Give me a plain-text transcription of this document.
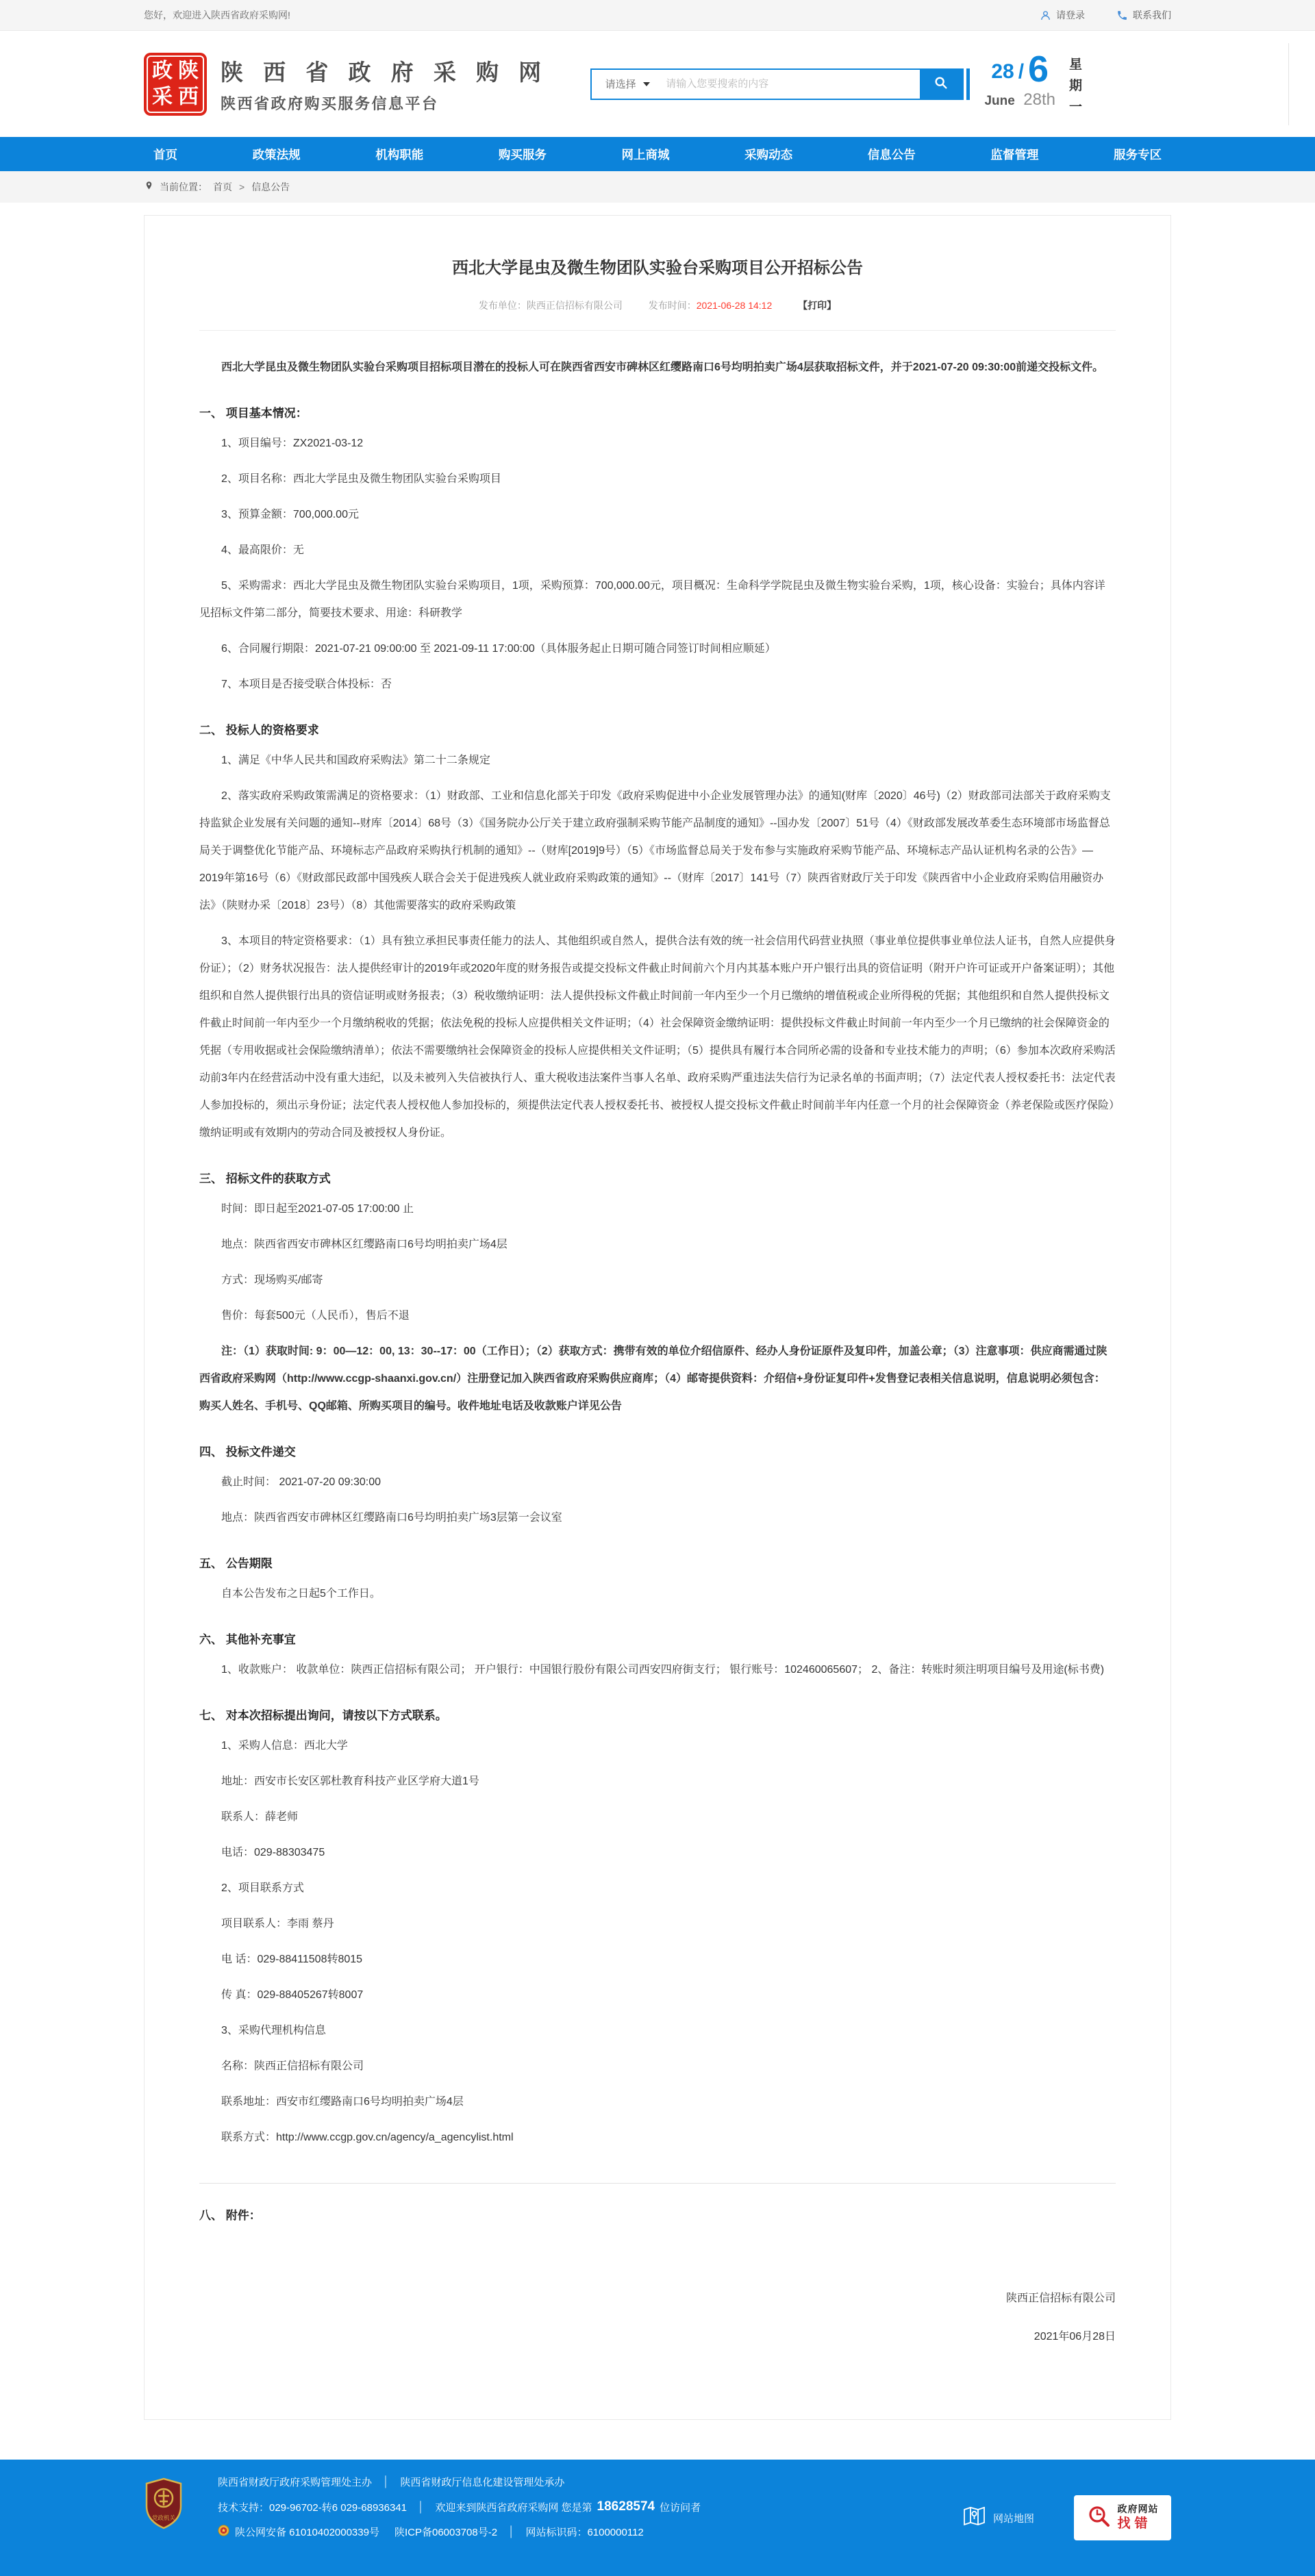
您好，欢迎进入陕西省政府采购网!	请登录	联系我们
政 陕
采 西
陕 西 省 政 府 采 购 网
陕西省政府购买服务信息平台
请选择
请输入您要搜索的内容
28 / 6
June 28th
星
期
一
首页	政策法规	机构职能	购买服务	网上商城	采购动态	信息公告	监督管理	服务专区
当前位置： 首页 > 信息公告
西北大学昆虫及微生物团队实验台采购项目公开招标公告
发布单位：陕西正信招标有限公司	发布时间：2021-06-28 14:12	【打印】
西北大学昆虫及微生物团队实验台采购项目招标项目潜在的投标人可在陕西省西安市碑林区红缨路南口6号均明拍卖广场4层获取招标文件，并于2021-07-20 09:30:00前递交投标文件。
一、 项目基本情况：
1、项目编号：ZX2021-03-12
2、项目名称：西北大学昆虫及微生物团队实验台采购项目
3、预算金额：700,000.00元
4、最高限价：无
5、采购需求：西北大学昆虫及微生物团队实验台采购项目，1项，采购预算：700,000.00元，项目概况：生命科学学院昆虫及微生物实验台采购，1项，核心设备：实验台；具体内容详见招标文件第二部分，简要技术要求、用途：科研教学
6、合同履行期限：2021-07-21 09:00:00 至 2021-09-11 17:00:00（具体服务起止日期可随合同签订时间相应顺延）
7、本项目是否接受联合体投标：否
二、 投标人的资格要求
1、满足《中华人民共和国政府采购法》第二十二条规定
2、落实政府采购政策需满足的资格要求：（1）财政部、工业和信息化部关于印发《政府采购促进中小企业发展管理办法》的通知(财库〔2020〕46号)（2）财政部司法部关于政府采购支持监狱企业发展有关问题的通知--财库〔2014〕68号（3）《国务院办公厅关于建立政府强制采购节能产品制度的通知》--国办发〔2007〕51号（4）《财政部发展改革委生态环境部市场监督总局关于调整优化节能产品、环境标志产品政府采购执行机制的通知》--（财库[2019]9号）（5）《市场监督总局关于发布参与实施政府采购节能产品、环境标志产品认证机构名录的公告》—2019年第16号（6）《财政部民政部中国残疾人联合会关于促进残疾人就业政府采购政策的通知》--（财库〔2017〕141号（7）陕西省财政厅关于印发《陕西省中小企业政府采购信用融资办法》（陕财办采〔2018〕23号）（8）其他需要落实的政府采购政策
3、本项目的特定资格要求：（1）具有独立承担民事责任能力的法人、其他组织或自然人，提供合法有效的统一社会信用代码营业执照（事业单位提供事业单位法人证书，自然人应提供身份证）；（2）财务状况报告：法人提供经审计的2019年或2020年度的财务报告或提交投标文件截止时间前六个月内其基本账户开户银行出具的资信证明（附开户许可证或开户备案证明）；其他组织和自然人提供银行出具的资信证明或财务报表；（3）税收缴纳证明：法人提供投标文件截止时间前一年内至少一个月已缴纳的增值税或企业所得税的凭据；其他组织和自然人提供投标文件截止时间前一年内至少一个月缴纳税收的凭据；依法免税的投标人应提供相关文件证明；（4）社会保障资金缴纳证明：提供投标文件截止时间前一年内至少一个月已缴纳的社会保障资金的凭据（专用收据或社会保险缴纳清单）；依法不需要缴纳社会保障资金的投标人应提供相关文件证明；（5）提供具有履行本合同所必需的设备和专业技术能力的声明；（6）参加本次政府采购活动前3年内在经营活动中没有重大违纪，以及未被列入失信被执行人、重大税收违法案件当事人名单、政府采购严重违法失信行为记录名单的书面声明；（7）法定代表人授权委托书：法定代表人参加投标的，须出示身份证；法定代表人授权他人参加投标的，须提供法定代表人授权委托书、被授权人提交投标文件截止时间前半年内任意一个月的社会保障资金（养老保险或医疗保险）缴纳证明或有效期内的劳动合同及被授权人身份证。
三、 招标文件的获取方式
时间：即日起至2021-07-05 17:00:00 止
地点：陕西省西安市碑林区红缨路南口6号均明拍卖广场4层
方式：现场购买/邮寄
售价：每套500元（人民币），售后不退
注：（1）获取时间: 9：00—12：00, 13：30--17：00（工作日）；（2）获取方式：携带有效的单位介绍信原件、经办人身份证原件及复印件，加盖公章；（3）注意事项：供应商需通过陕西省政府采购网（http://www.ccgp-shaanxi.gov.cn/）注册登记加入陕西省政府采购供应商库；（4）邮寄提供资料：介绍信+身份证复印件+发售登记表相关信息说明，信息说明必须包含：购买人姓名、手机号、QQ邮箱、所购买项目的编号。收件地址电话及收款账户详见公告
四、 投标文件递交
截止时间： 2021-07-20 09:30:00
地点：陕西省西安市碑林区红缨路南口6号均明拍卖广场3层第一会议室
五、 公告期限
自本公告发布之日起5个工作日。
六、 其他补充事宜
1、收款账户： 收款单位：陕西正信招标有限公司； 开户银行：中国银行股份有限公司西安四府街支行； 银行账号：102460065607； 2、备注：转账时须注明项目编号及用途(标书费)
七、 对本次招标提出询问，请按以下方式联系。
1、采购人信息：西北大学
地址：西安市长安区郭杜教育科技产业区学府大道1号
联系人：薛老师
电话：029-88303475
2、项目联系方式
项目联系人：李雨 蔡丹
电 话：029-88411508转8015
传 真：029-88405267转8007
3、采购代理机构信息
名称：陕西正信招标有限公司
联系地址：西安市红缨路南口6号均明拍卖广场4层
联系方式：http://www.ccgp.gov.cn/agency/a_agencylist.html
八、 附件：
陕西正信招标有限公司
2021年06月28日
党政机关
陕西省财政厅政府采购管理处主办 │ 陕西省财政厅信息化建设管理处承办
技术支持：029-96702-转6 029-68936341 │ 欢迎来到陕西省政府采购网 您是第 18628574 位访问者
陕公网安备 61010402000339号 陕ICP备06003708号-2 │ 网站标识码：6100000112
网站地图
政府网站
找错
